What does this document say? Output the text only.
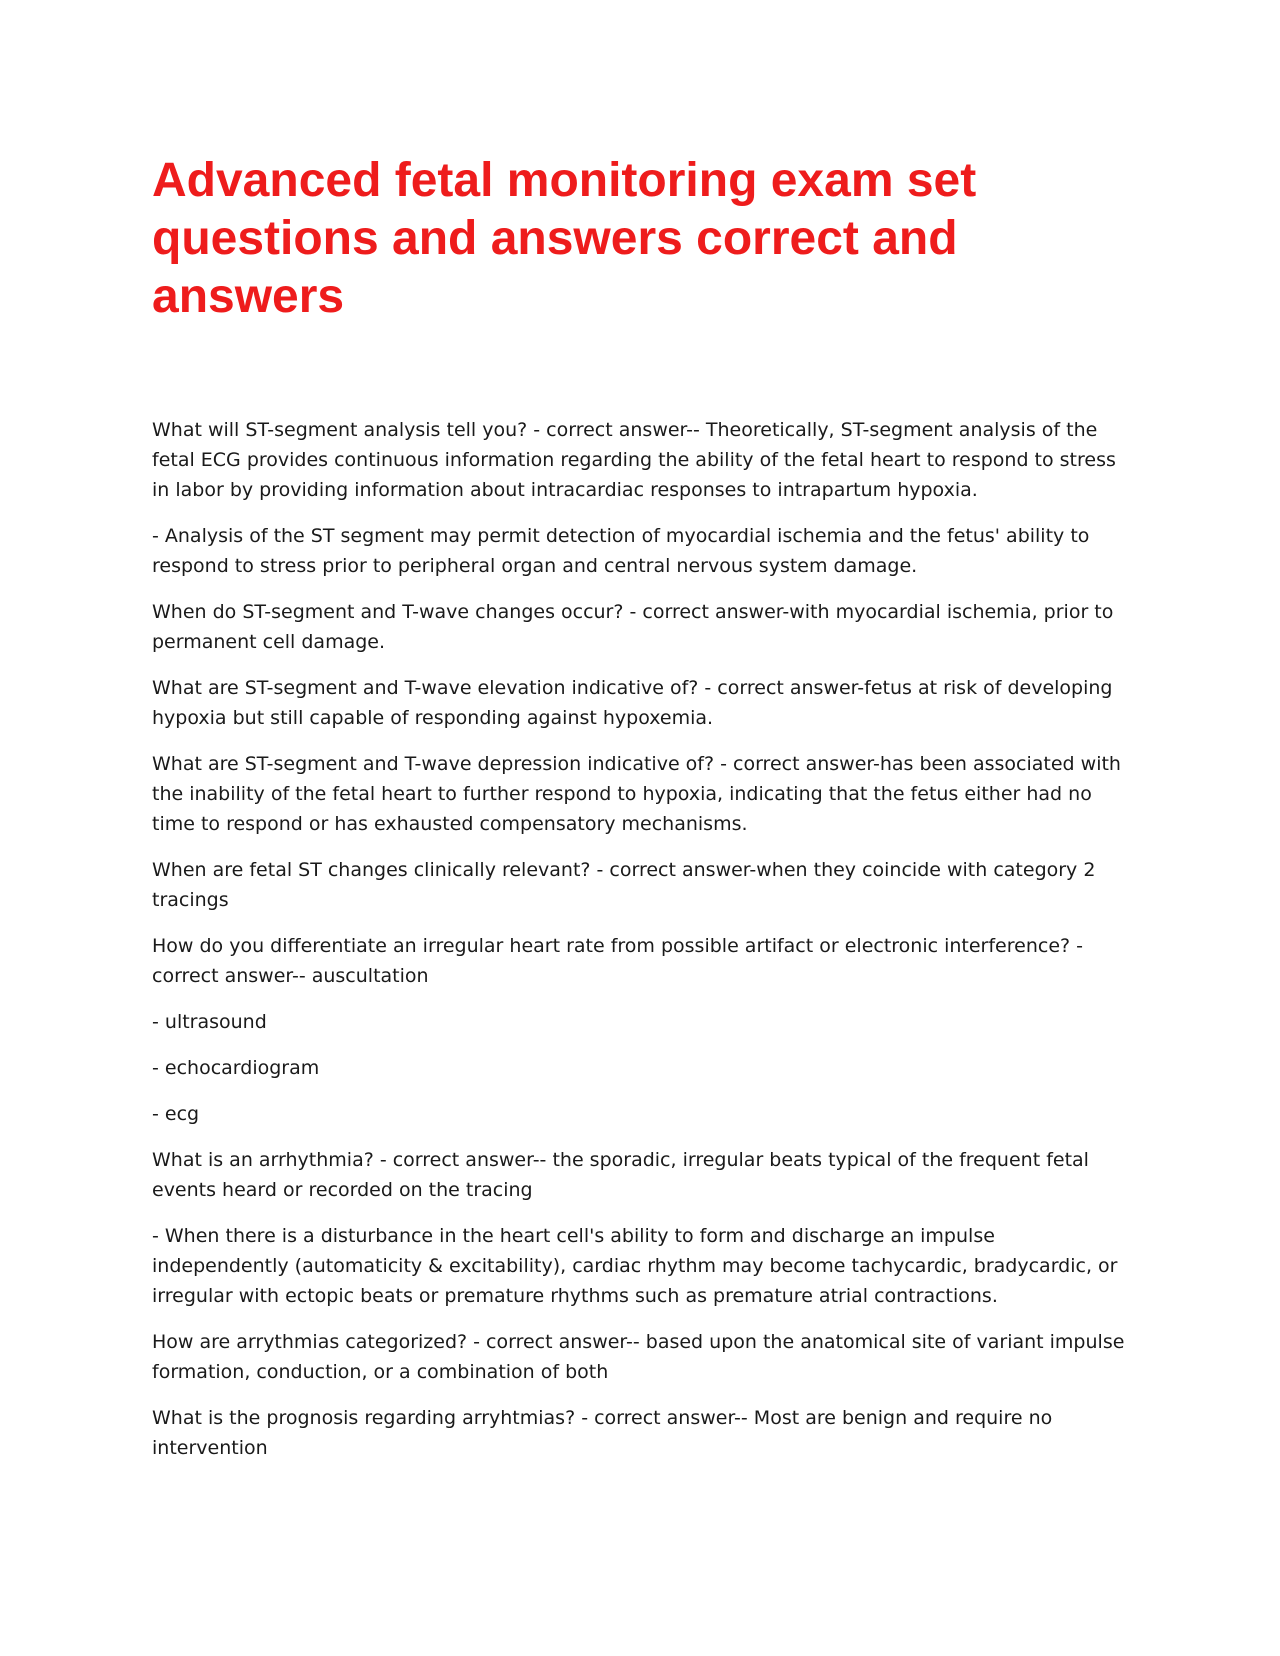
Advanced fetal monitoring exam set questions and answers correct and answers

What will ST-segment analysis tell you? - correct answer-- Theoretically, ST-segment analysis of the fetal ECG provides continuous information regarding the ability of the fetal heart to respond to stress in labor by providing information about intracardiac responses to intrapartum hypoxia.

- Analysis of the ST segment may permit detection of myocardial ischemia and the fetus' ability to respond to stress prior to peripheral organ and central nervous system damage.

When do ST-segment and T-wave changes occur? - correct answer-with myocardial ischemia, prior to permanent cell damage.

What are ST-segment and T-wave elevation indicative of? - correct answer-fetus at risk of developing hypoxia but still capable of responding against hypoxemia.

What are ST-segment and T-wave depression indicative of? - correct answer-has been associated with the inability of the fetal heart to further respond to hypoxia, indicating that the fetus either had no time to respond or has exhausted compensatory mechanisms.

When are fetal ST changes clinically relevant? - correct answer-when they coincide with category 2 tracings

How do you differentiate an irregular heart rate from possible artifact or electronic interference? - correct answer-- auscultation

- ultrasound

- echocardiogram

- ecg

What is an arrhythmia? - correct answer-- the sporadic, irregular beats typical of the frequent fetal events heard or recorded on the tracing

- When there is a disturbance in the heart cell's ability to form and discharge an impulse independently (automaticity & excitability), cardiac rhythm may become tachycardic, bradycardic, or irregular with ectopic beats or premature rhythms such as premature atrial contractions.

How are arrythmias categorized? - correct answer-- based upon the anatomical site of variant impulse formation, conduction, or a combination of both

What is the prognosis regarding arryhtmias? - correct answer-- Most are benign and require no intervention
